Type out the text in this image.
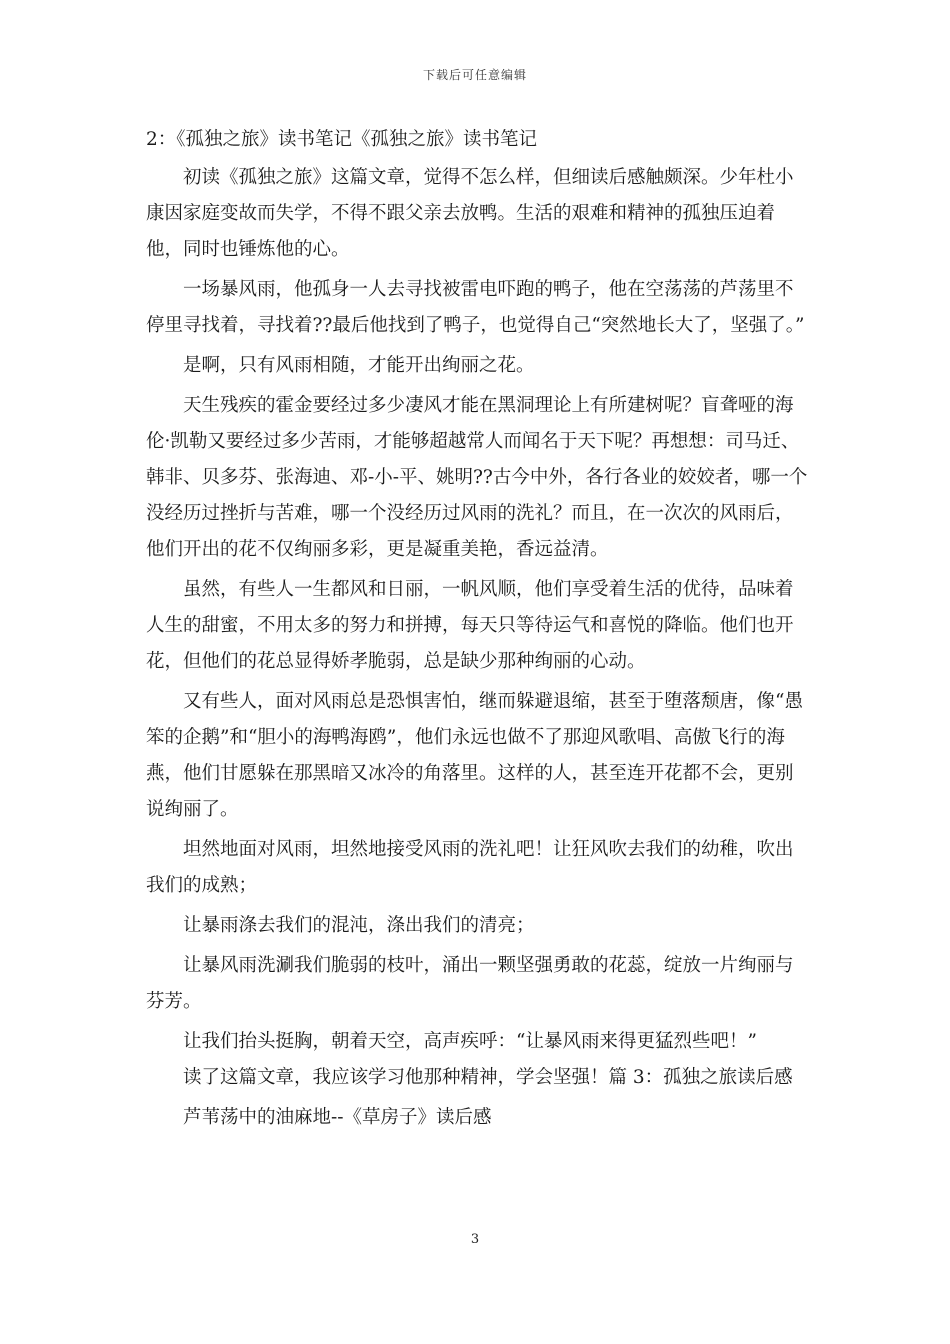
下载后可任意编辑

2：《孤独之旅》读书笔记《孤独之旅》读书笔记

初读《孤独之旅》这篇文章，觉得不怎么样，但细读后感触颇深。少年杜小康因家庭变故而失学，不得不跟父亲去放鸭。生活的艰难和精神的孤独压迫着他，同时也锤炼他的心。

一场暴风雨，他孤身一人去寻找被雷电吓跑的鸭子，他在空荡荡的芦荡里不停里寻找着，寻找着??最后他找到了鸭子，也觉得自己“突然地长大了，坚强了。”

是啊，只有风雨相随，才能开出绚丽之花。

天生残疾的霍金要经过多少凄风才能在黑洞理论上有所建树呢？盲聋哑的海伦·凯勒又要经过多少苦雨，才能够超越常人而闻名于天下呢？再想想：司马迁、韩非、贝多芬、张海迪、邓-小-平、姚明??古今中外，各行各业的姣姣者，哪一个没经历过挫折与苦难，哪一个没经历过风雨的洗礼？而且，在一次次的风雨后，他们开出的花不仅绚丽多彩，更是凝重美艳，香远益清。

虽然，有些人一生都风和日丽，一帆风顺，他们享受着生活的优待，品味着人生的甜蜜，不用太多的努力和拼搏，每天只等待运气和喜悦的降临。他们也开花，但他们的花总显得娇孝脆弱，总是缺少那种绚丽的心动。

又有些人，面对风雨总是恐惧害怕，继而躲避退缩，甚至于堕落颓唐，像“愚笨的企鹅”和“胆小的海鸭海鸥”，他们永远也做不了那迎风歌唱、高傲飞行的海燕，他们甘愿躲在那黑暗又冰冷的角落里。这样的人，甚至连开花都不会，更别说绚丽了。

坦然地面对风雨，坦然地接受风雨的洗礼吧！让狂风吹去我们的幼稚，吹出我们的成熟；

让暴雨涤去我们的混沌，涤出我们的清亮；

让暴风雨洗涮我们脆弱的枝叶，涌出一颗坚强勇敢的花蕊，绽放一片绚丽与芬芳。

让我们抬头挺胸，朝着天空，高声疾呼：“让暴风雨来得更猛烈些吧！”

读了这篇文章，我应该学习他那种精神，学会坚强！篇 3：孤独之旅读后感

芦苇荡中的油麻地--《草房子》读后感

3
